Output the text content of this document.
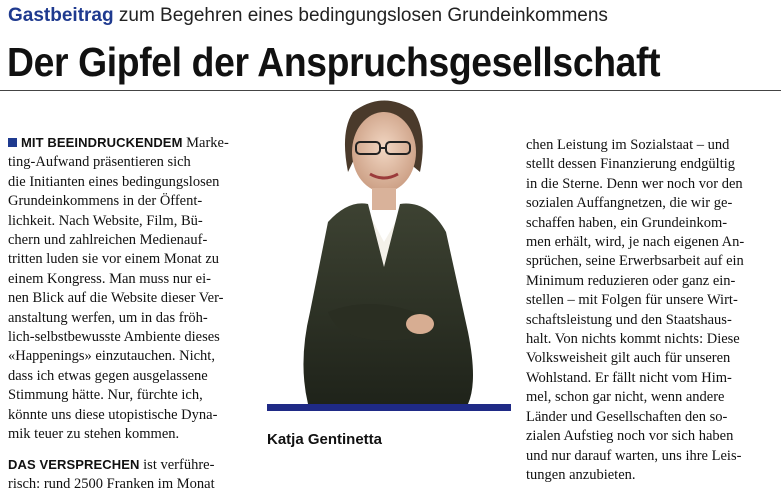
Gastbeitrag zum Begehren eines bedingungslosen Grundeinkommens
Der Gipfel der Anspruchsgesellschaft

MIT BEEINDRUCKENDEM Marke-
ting-Aufwand präsentieren sich
die Initianten eines bedingungslosen
Grundeinkommens in der Öffent-
lichkeit. Nach Website, Film, Bü-
chern und zahlreichen Medienauf-
tritten luden sie vor einem Monat zu
einem Kongress. Man muss nur ei-
nen Blick auf die Website dieser Ver-
anstaltung werfen, um in das fröh-
lich-selbstbewusste Ambiente dieses
«Happenings» einzutauchen. Nicht,
dass ich etwas gegen ausgelassene
Stimmung hätte. Nur, fürchte ich,
könnte uns diese utopistische Dyna-
mik teuer zu stehen kommen.

DAS VERSPRECHEN ist verführe-
risch: rund 2500 Franken im Monat

Katja Gentinetta

chen Leistung im Sozialstaat – und
stellt dessen Finanzierung endgültig
in die Sterne. Denn wer noch vor den
sozialen Auffangnetzen, die wir ge-
schaffen haben, ein Grundeinkom-
men erhält, wird, je nach eigenen An-
sprüchen, seine Erwerbsarbeit auf ein
Minimum reduzieren oder ganz ein-
stellen – mit Folgen für unsere Wirt-
schaftsleistung und den Staatshaus-
halt. Von nichts kommt nichts: Diese
Volksweisheit gilt auch für unseren
Wohlstand. Er fällt nicht vom Him-
mel, schon gar nicht, wenn andere
Länder und Gesellschaften den so-
zialen Aufstieg noch vor sich haben
und nur darauf warten, uns ihre Leis-
tungen anzubieten.
